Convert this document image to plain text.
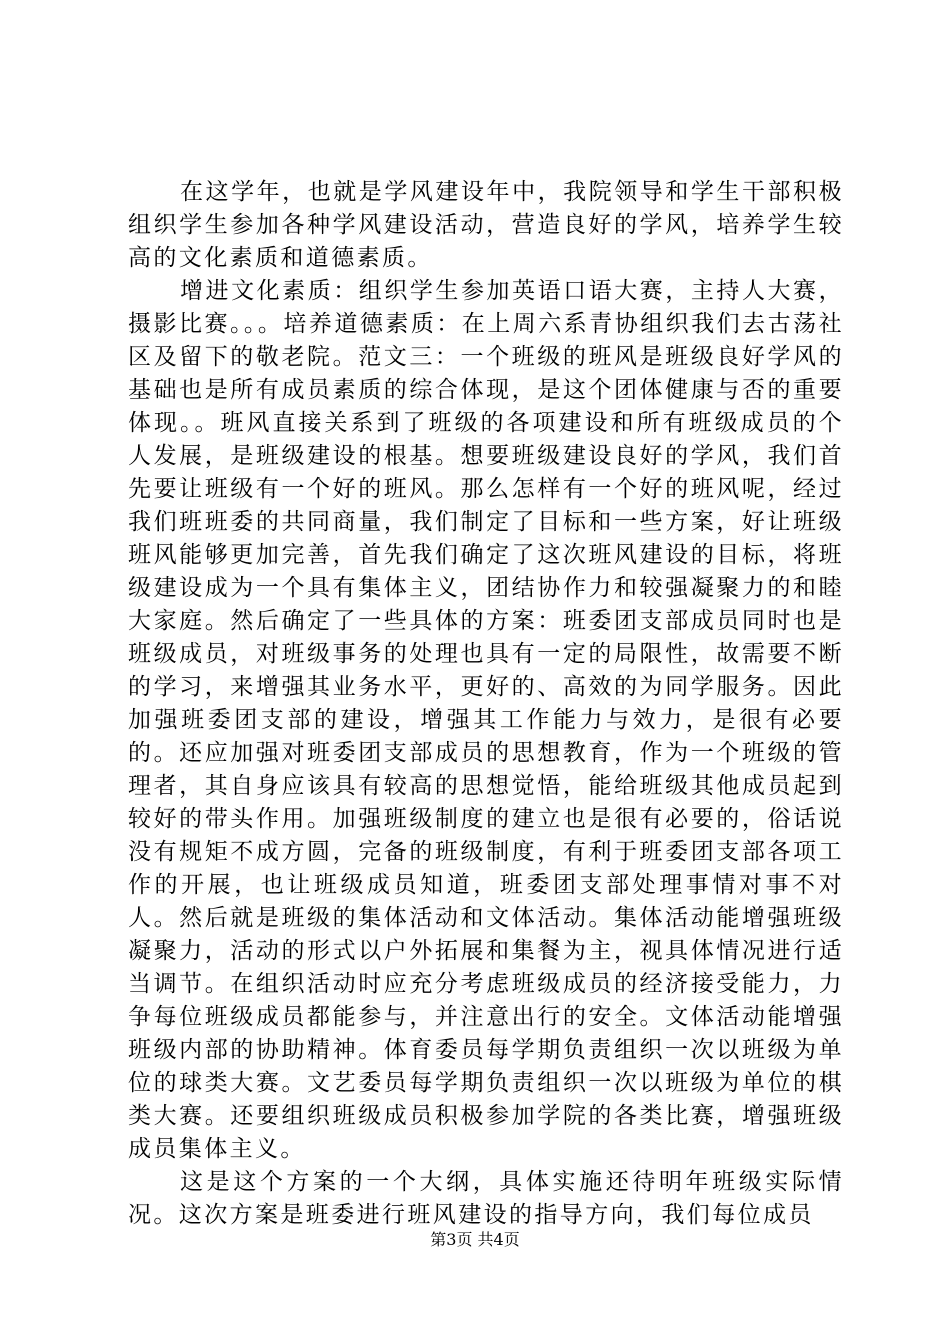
在这学年，也就是学风建设年中，我院领导和学生干部积极组织学生参加各种学风建设活动，营造良好的学风，培养学生较高的文化素质和道德素质。

增进文化素质：组织学生参加英语口语大赛，主持人大赛，摄影比赛。。。培养道德素质：在上周六系青协组织我们去古荡社区及留下的敬老院。范文三：一个班级的班风是班级良好学风的基础也是所有成员素质的综合体现，是这个团体健康与否的重要体现。。班风直接关系到了班级的各项建设和所有班级成员的个人发展，是班级建设的根基。想要班级建设良好的学风，我们首先要让班级有一个好的班风。那么怎样有一个好的班风呢，经过我们班班委的共同商量，我们制定了目标和一些方案，好让班级班风能够更加完善，首先我们确定了这次班风建设的目标，将班级建设成为一个具有集体主义，团结协作力和较强凝聚力的和睦大家庭。然后确定了一些具体的方案：班委团支部成员同时也是班级成员，对班级事务的处理也具有一定的局限性，故需要不断的学习，来增强其业务水平，更好的、高效的为同学服务。因此加强班委团支部的建设，增强其工作能力与效力，是很有必要的。还应加强对班委团支部成员的思想教育，作为一个班级的管理者，其自身应该具有较高的思想觉悟，能给班级其他成员起到较好的带头作用。加强班级制度的建立也是很有必要的，俗话说没有规矩不成方圆，完备的班级制度，有利于班委团支部各项工作的开展，也让班级成员知道，班委团支部处理事情对事不对人。然后就是班级的集体活动和文体活动。集体活动能增强班级凝聚力，活动的形式以户外拓展和集餐为主，视具体情况进行适当调节。在组织活动时应充分考虑班级成员的经济接受能力，力争每位班级成员都能参与，并注意出行的安全。文体活动能增强班级内部的协助精神。体育委员每学期负责组织一次以班级为单位的球类大赛。文艺委员每学期负责组织一次以班级为单位的棋类大赛。还要组织班级成员积极参加学院的各类比赛，增强班级成员集体主义。

这是这个方案的一个大纲，具体实施还待明年班级实际情况。这次方案是班委进行班风建设的指导方向，我们每位成员

第3页 共4页
